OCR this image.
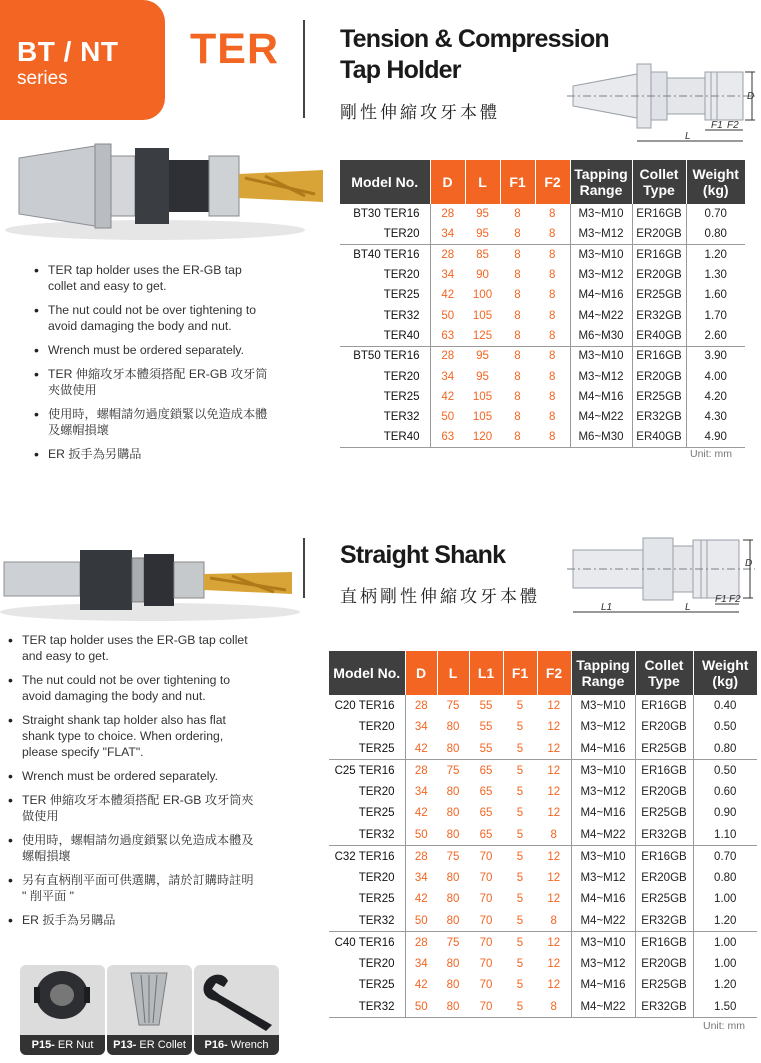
BT / NT
series
TER Tension & Compression
Tap Holder
剛性伸縮攻牙本體
D
F1 F2
L
• TER tap holder uses the ER-GB tap collet and easy to get.
• The nut could not be over tightening to avoid damaging the body and nut.
• Wrench must be ordered separately.
• TER 伸縮攻牙本體須搭配 ER-GB 攻牙筒夾做使用
• 使用時，螺帽請勿過度鎖緊以免造成本體及螺帽損壞
• ER 扳手為另購品
Model No.	D	L	F1	F2	Tapping Range	Collet Type	Weight (kg)
BT30 TER16	28	95	8	8	M3~M10	ER16GB	0.70
TER20	34	95	8	8	M3~M12	ER20GB	0.80
BT40 TER16	28	85	8	8	M3~M10	ER16GB	1.20
TER20	34	90	8	8	M3~M12	ER20GB	1.30
TER25	42	100	8	8	M4~M16	ER25GB	1.60
TER32	50	105	8	8	M4~M22	ER32GB	1.70
TER40	63	125	8	8	M6~M30	ER40GB	2.60
BT50 TER16	28	95	8	8	M3~M10	ER16GB	3.90
TER20	34	95	8	8	M3~M12	ER20GB	4.00
TER25	42	105	8	8	M4~M16	ER25GB	4.20
TER32	50	105	8	8	M4~M22	ER32GB	4.30
TER40	63	120	8	8	M6~M30	ER40GB	4.90
Unit: mm
Straight Shank
直柄剛性伸縮攻牙本體
D
L1	L
F1 F2
• TER tap holder uses the ER-GB tap collet and easy to get.
• The nut could not be over tightening to avoid damaging the body and nut.
• Straight shank tap holder also has flat shank type to choice. When ordering, please specify "FLAT".
• Wrench must be ordered separately.
• TER 伸縮攻牙本體須搭配 ER-GB 攻牙筒夾做使用
• 使用時，螺帽請勿過度鎖緊以免造成本體及螺帽損壞
• 另有直柄削平面可供選購，請於訂購時註明 " 削平面 "
• ER 扳手為另購品
Model No.	D	L	L1	F1	F2	Tapping Range	Collet Type	Weight (kg)
C20 TER16	28	75	55	5	12	M3~M10	ER16GB	0.40
TER20	34	80	55	5	12	M3~M12	ER20GB	0.50
TER25	42	80	55	5	12	M4~M16	ER25GB	0.80
C25 TER16	28	75	65	5	12	M3~M10	ER16GB	0.50
TER20	34	80	65	5	12	M3~M12	ER20GB	0.60
TER25	42	80	65	5	12	M4~M16	ER25GB	0.90
TER32	50	80	65	5	8	M4~M22	ER32GB	1.10
C32 TER16	28	75	70	5	12	M3~M10	ER16GB	0.70
TER20	34	80	70	5	12	M3~M12	ER20GB	0.80
TER25	42	80	70	5	12	M4~M16	ER25GB	1.00
TER32	50	80	70	5	8	M4~M22	ER32GB	1.20
C40 TER16	28	75	70	5	12	M3~M10	ER16GB	1.00
TER20	34	80	70	5	12	M3~M12	ER20GB	1.00
TER25	42	80	70	5	12	M4~M16	ER25GB	1.20
TER32	50	80	70	5	8	M4~M22	ER32GB	1.50
Unit: mm
P15- ER Nut	P13- ER Collet	P16- Wrench
